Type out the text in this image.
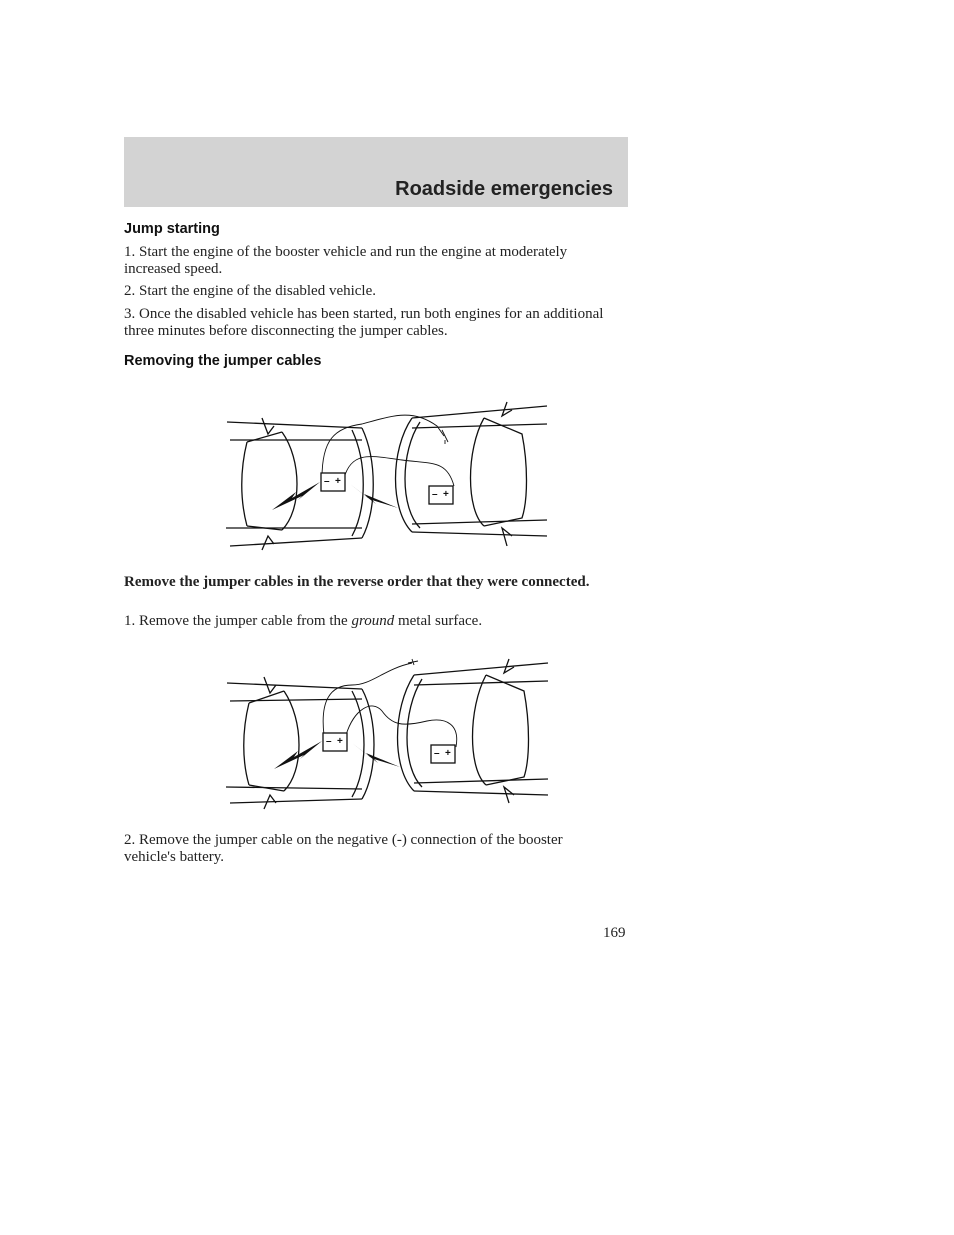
Roadside emergencies
Jump starting

1. Start the engine of the booster vehicle and run the engine at moderately increased speed.

2. Start the engine of the disabled vehicle.

3. Once the disabled vehicle has been started, run both engines for an additional three minutes before disconnecting the jumper cables.

Removing the jumper cables
– +
– +

Remove the jumper cables in the reverse order that they were connected.

1. Remove the jumper cable from the ground metal surface.

– +
– +

2. Remove the jumper cable on the negative (-) connection of the booster vehicle's battery.

169
